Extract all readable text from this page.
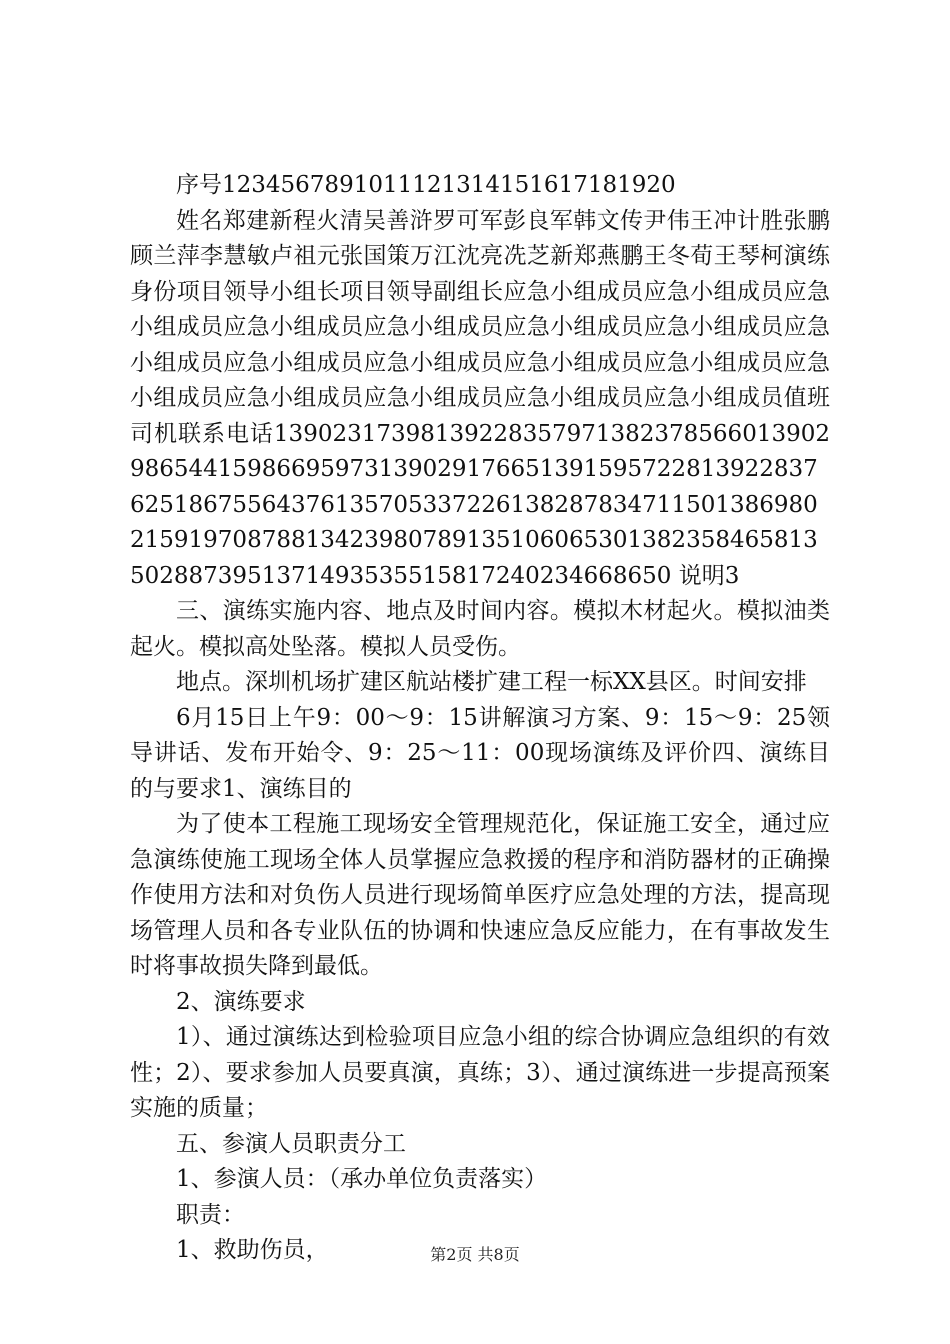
序号1234567891011121314151617181920

姓名郑建新程火清吴善浒罗可军彭良军韩文传尹伟王冲计胜张鹏顾兰萍李慧敏卢祖元张国策万江沈亮冼芝新郑燕鹏王冬荀王琴柯演练身份项目领导小组长项目领导副组长应急小组成员应急小组成员应急小组成员应急小组成员应急小组成员应急小组成员应急小组成员应急小组成员应急小组成员应急小组成员应急小组成员应急小组成员应急小组成员应急小组成员应急小组成员应急小组成员应急小组成员值班司机联系电话1390231739813922835797138237856601390298654415986695973139029176651391595722813922837625186755643761357053372261382878347115013869802159197087881342398078913510606530138235846581350288739513714935355158172402346686​50 说明3

三、演练实施内容、地点及时间内容。模拟木材起火。模拟油类起火。模拟高处坠落。模拟人员受伤。

地点。深圳机场扩建区航站楼扩建工程一标XX县区。时间安排

6月15日上午9：00～9：15讲解演习方案、9：15～9：25领导讲话、发布开始令、9：25～11：00现场演练及评价四、演练目的与要求1、演练目的

为了使本工程施工现场安全管理规范化，保证施工安全，通过应急演练使施工现场全体人员掌握应急救援的程序和消防器材的正确操作使用方法和对负伤人员进行现场简单医疗应急处理的方法，提高现场管理人员和各专业队伍的协调和快速应急反应能力，在有事故发生时将事故损失降到最低。

2、演练要求

1）、通过演练达到检验项目应急小组的综合协调应急组织的有效性；2）、要求参加人员要真演，真练；3）、通过演练进一步提高预案实施的质量；

五、参演人员职责分工

1、参演人员：（承办单位负责落实）

职责：

1、救助伤员，	第2页 共8页
